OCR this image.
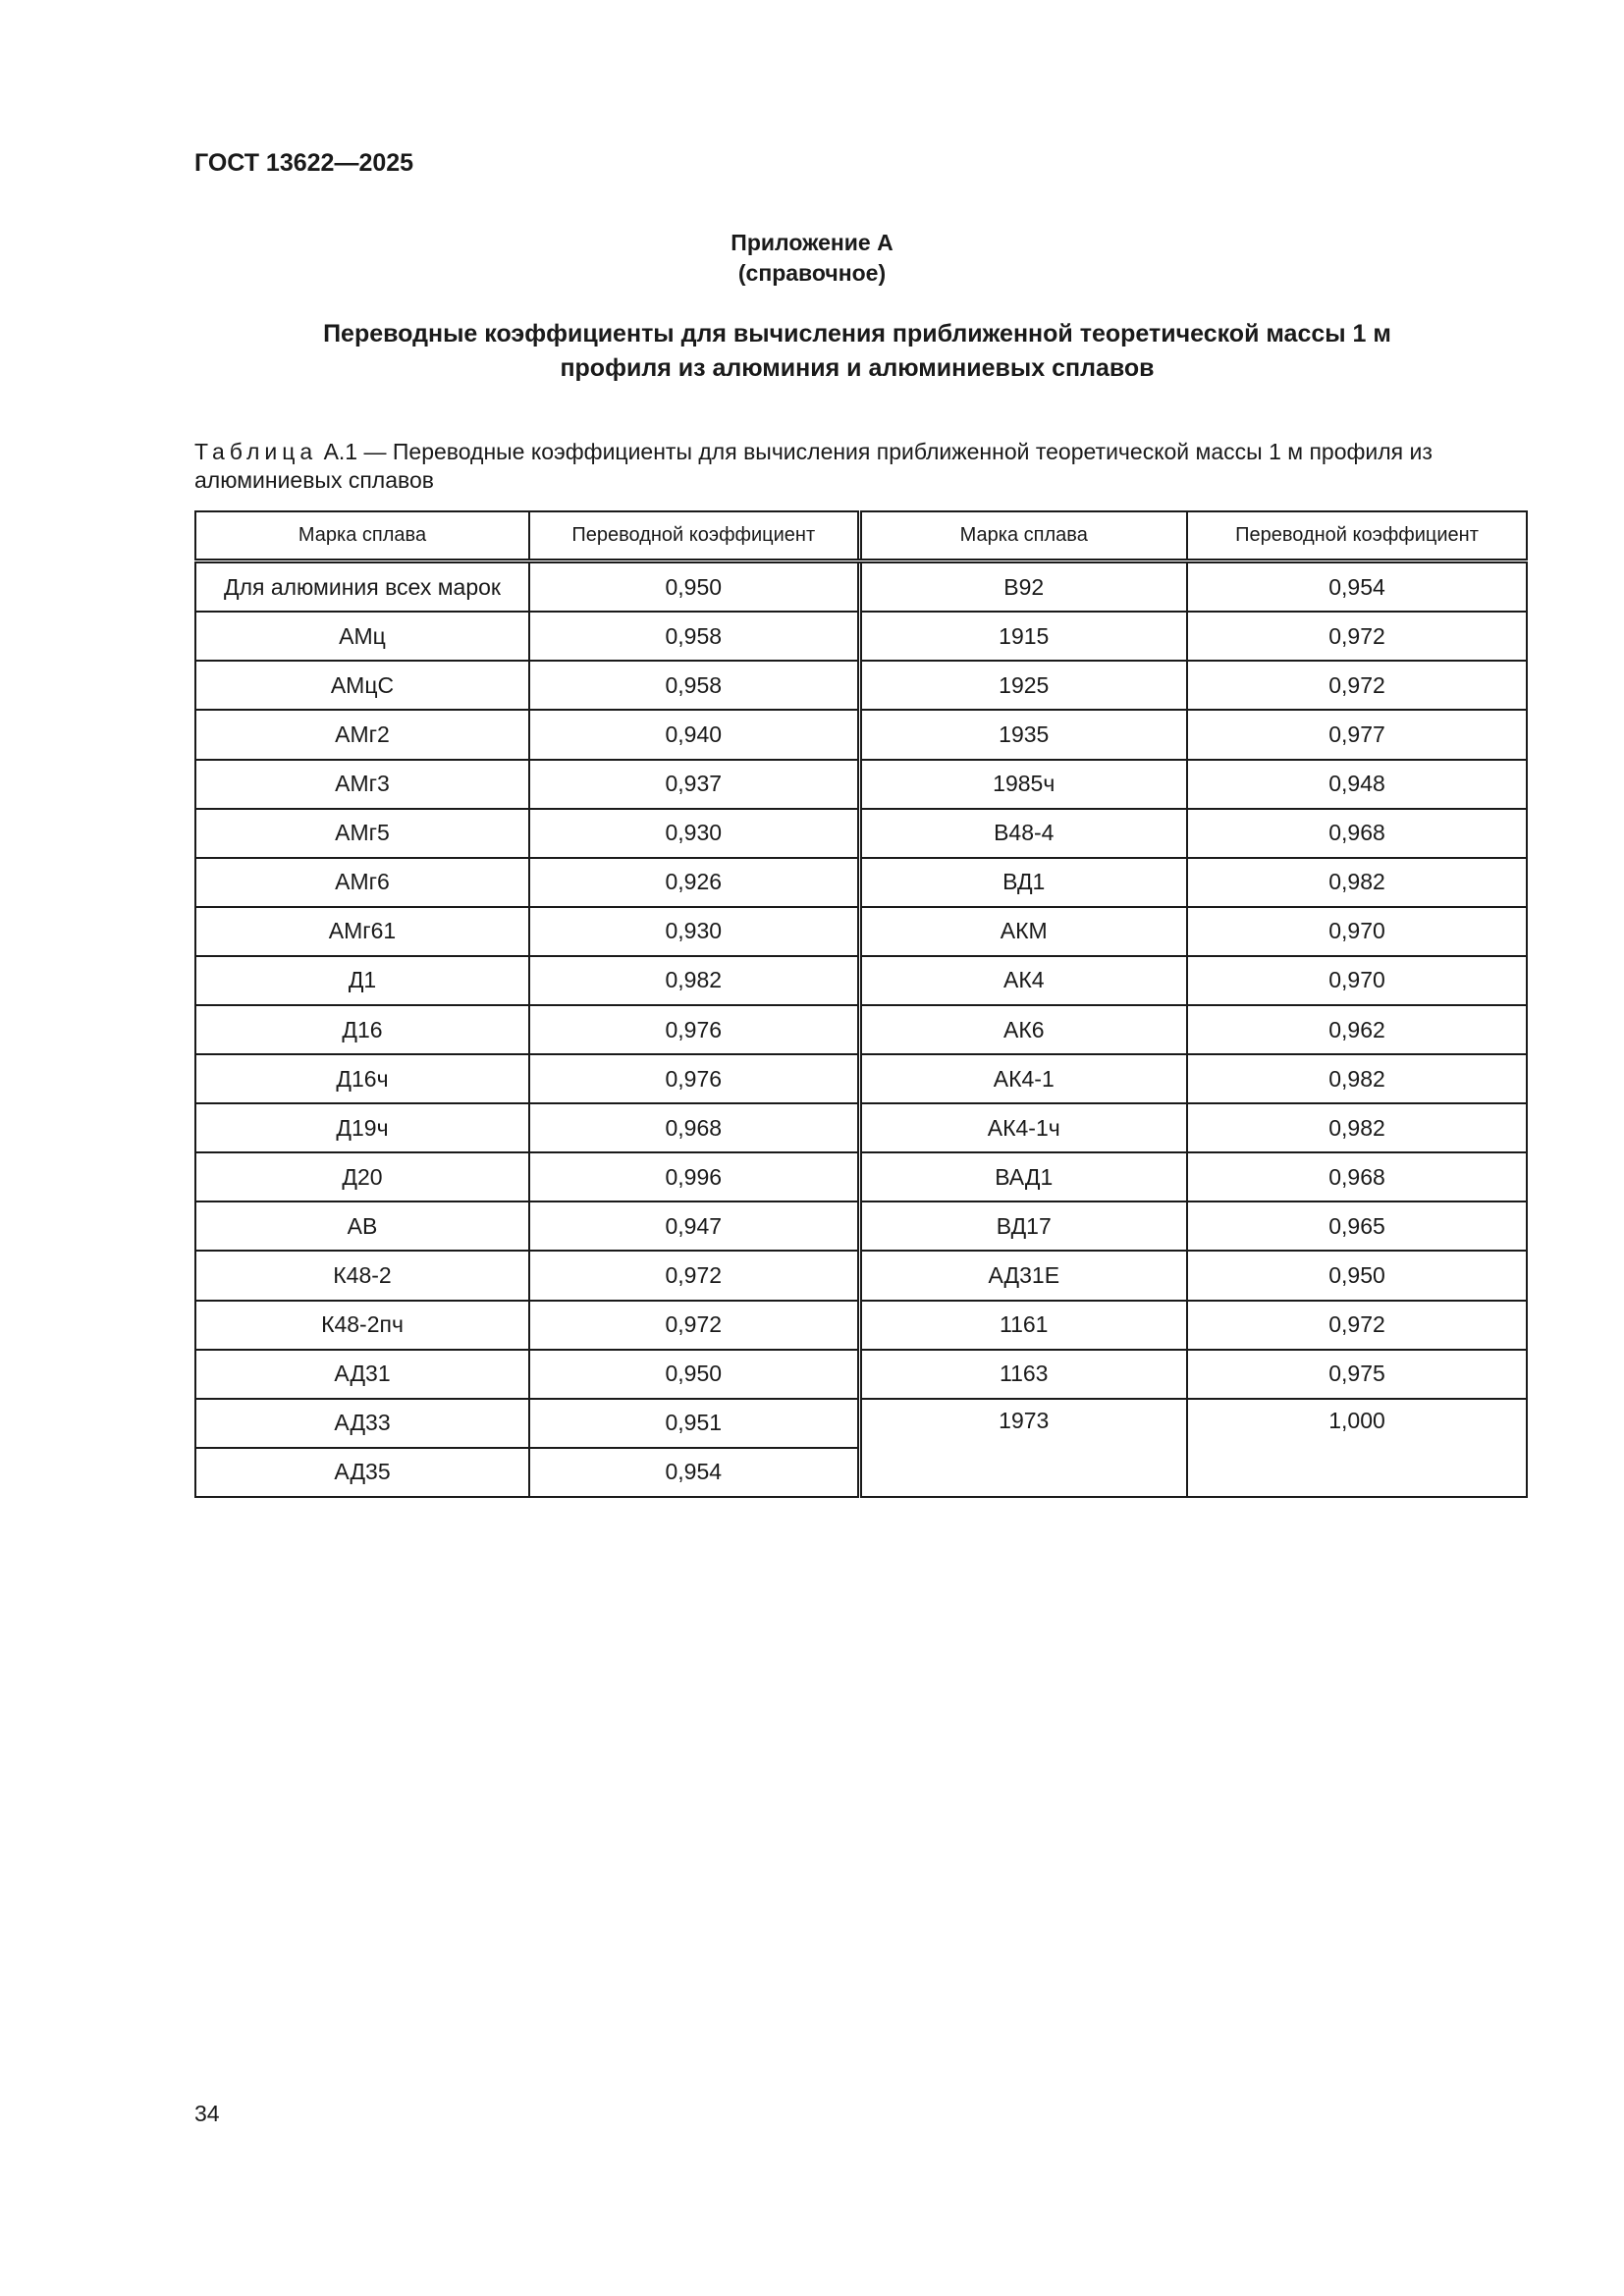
ГОСТ 13622—2025
Приложение А
(справочное)
Переводные коэффициенты для вычисления приближенной теоретической массы 1 м
профиля из алюминия и алюминиевых сплавов
Таблица А.1 — Переводные коэффициенты для вычисления приближенной теоретической массы 1 м профиля из алюминиевых сплавов
Марка сплава	Переводной коэффициент	Марка сплава	Переводной коэффициент
Для алюминия всех марок	0,950	В92	0,954
АМц	0,958	1915	0,972
АМцС	0,958	1925	0,972
АМг2	0,940	1935	0,977
АМг3	0,937	1985ч	0,948
АМг5	0,930	В48-4	0,968
АМг6	0,926	ВД1	0,982
АМг61	0,930	АКМ	0,970
Д1	0,982	АК4	0,970
Д16	0,976	АК6	0,962
Д16ч	0,976	АК4-1	0,982
Д19ч	0,968	АК4-1ч	0,982
Д20	0,996	ВАД1	0,968
АВ	0,947	ВД17	0,965
К48-2	0,972	АД31Е	0,950
К48-2пч	0,972	1161	0,972
АД31	0,950	1163	0,975
АД33	0,951	1973	1,000
АД35	0,954		
34
